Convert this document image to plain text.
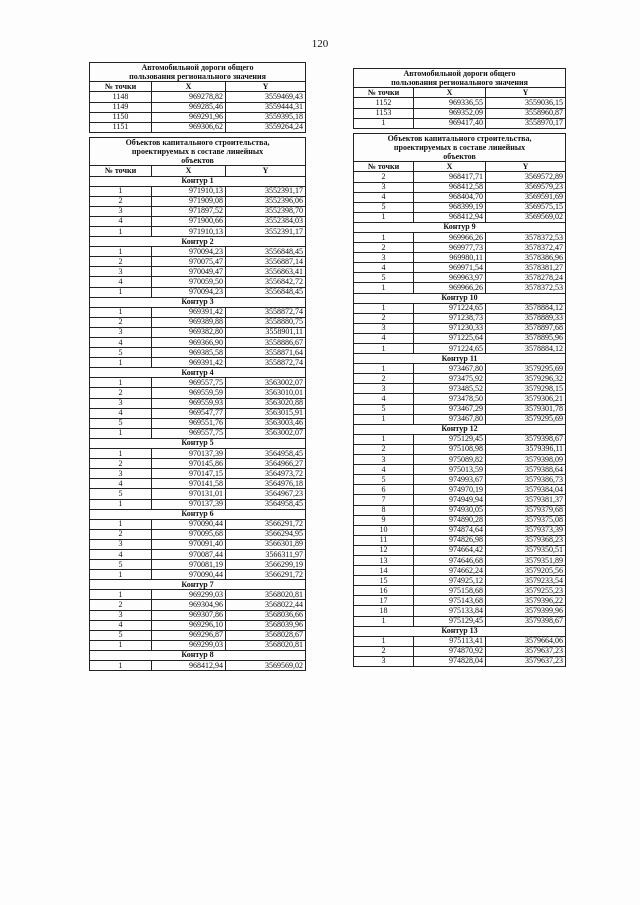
120
Автомобильной дороги общего
пользования регионального значения		
№ точки	X	Y
1148	969278,82	3559469,43
1149	969285,46	3559444,31
1150	969291,96	3559395,18
1151	969306,62	3559264,24

Объектов капитального строительства,
проектируемых в составе линейных
объектов		
№ точки	X	Y
Контур 1		
1	971910,13	3552391,17
2	971909,08	3552396,06
3	971897,52	3552398,70
4	971900,66	3552384,03
1	971910,13	3552391,17
Контур 2		
1	970094,23	3556848,45
2	970075,47	3556887,14
3	970049,47	3556863,41
4	970059,50	3556842,72
1	970094,23	3556848,45
Контур 3		
1	969391,42	3558872,74
2	969389,88	3558880,75
3	969382,80	3558901,11
4	969366,90	3558886,67
5	969385,58	3558871,64
1	969391,42	3558872,74
Контур 4		
1	969557,75	3563002,07
2	969559,59	3563010,01
3	969559,93	3563020,88
4	969547,77	3563015,91
5	969551,76	3563003,46
1	969557,75	3563002,07
Контур 5		
1	970137,39	3564958,45
2	970145,86	3564966,27
3	970147,15	3564973,72
4	970141,58	3564976,18
5	970131,01	3564967,23
1	970137,39	3564958,45
Контур 6		
1	970090,44	3566291,72
2	970095,68	3566294,95
3	970091,40	3566301,89
4	970087,44	3566311,97
5	970081,19	3566299,19
1	970090,44	3566291,72
Контур 7		
1	969299,03	3568020,81
2	969304,96	3568022,44
3	969307,86	3568036,66
4	969296,10	3568039,96
5	969296,87	3568028,67
1	969299,03	3568020,81
Контур 8		
1	968412,94	3569569,02
Автомобильной дороги общего
пользования регионального значения		
№ точки	X	Y
1152	969336,55	3559036,15
1153	969352,09	3558960,87
1	969417,40	3558970,17

Объектов капитального строительства,
проектируемых в составе линейных
объектов		
№ точки	X	Y
2	968417,71	3569572,89
3	968412,58	3569579,23
4	968404,70	3569591,69
5	968399,19	3569575,15
1	968412,94	3569569,02
Контур 9		
1	969966,26	3578372,53
2	969977,73	3578372,47
3	969980,11	3578386,96
4	969971,54	3578381,27
5	969963,97	3578278,24
1	969966,26	3578372,53
Контур 10		
1	971224,65	3578884,12
2	971238,73	3578889,33
3	971230,33	3578897,68
4	971225,64	3578895,96
1	971224,65	3578884,12
Контур 11		
1	973467,80	3579295,69
2	973475,92	3579296,32
3	973485,52	3579298,15
4	973478,50	3579306,21
5	973467,29	3579301,78
1	973467,80	3579295,69
Контур 12		
1	975129,45	3579398,67
2	975108,98	3579396,11
3	975089,82	3579398,09
4	975013,59	3579388,64
5	974993,67	3579386,73
6	974970,19	3579384,04
7	974949,94	3579381,37
8	974930,05	3579379,68
9	974890,28	3579375,08
10	974874,64	3579373,39
11	974826,98	3579368,23
12	974664,42	3579350,51
13	974646,68	3579351,89
14	974662,24	3579205,56
15	974925,12	3579233,54
16	975158,68	3579255,23
17	975143,68	3579396,22
18	975133,84	3579399,96
1	975129,45	3579398,67
Контур 13		
1	975113,41	3579664,06
2	974870,92	3579637,23
3	974828,04	3579637,23
